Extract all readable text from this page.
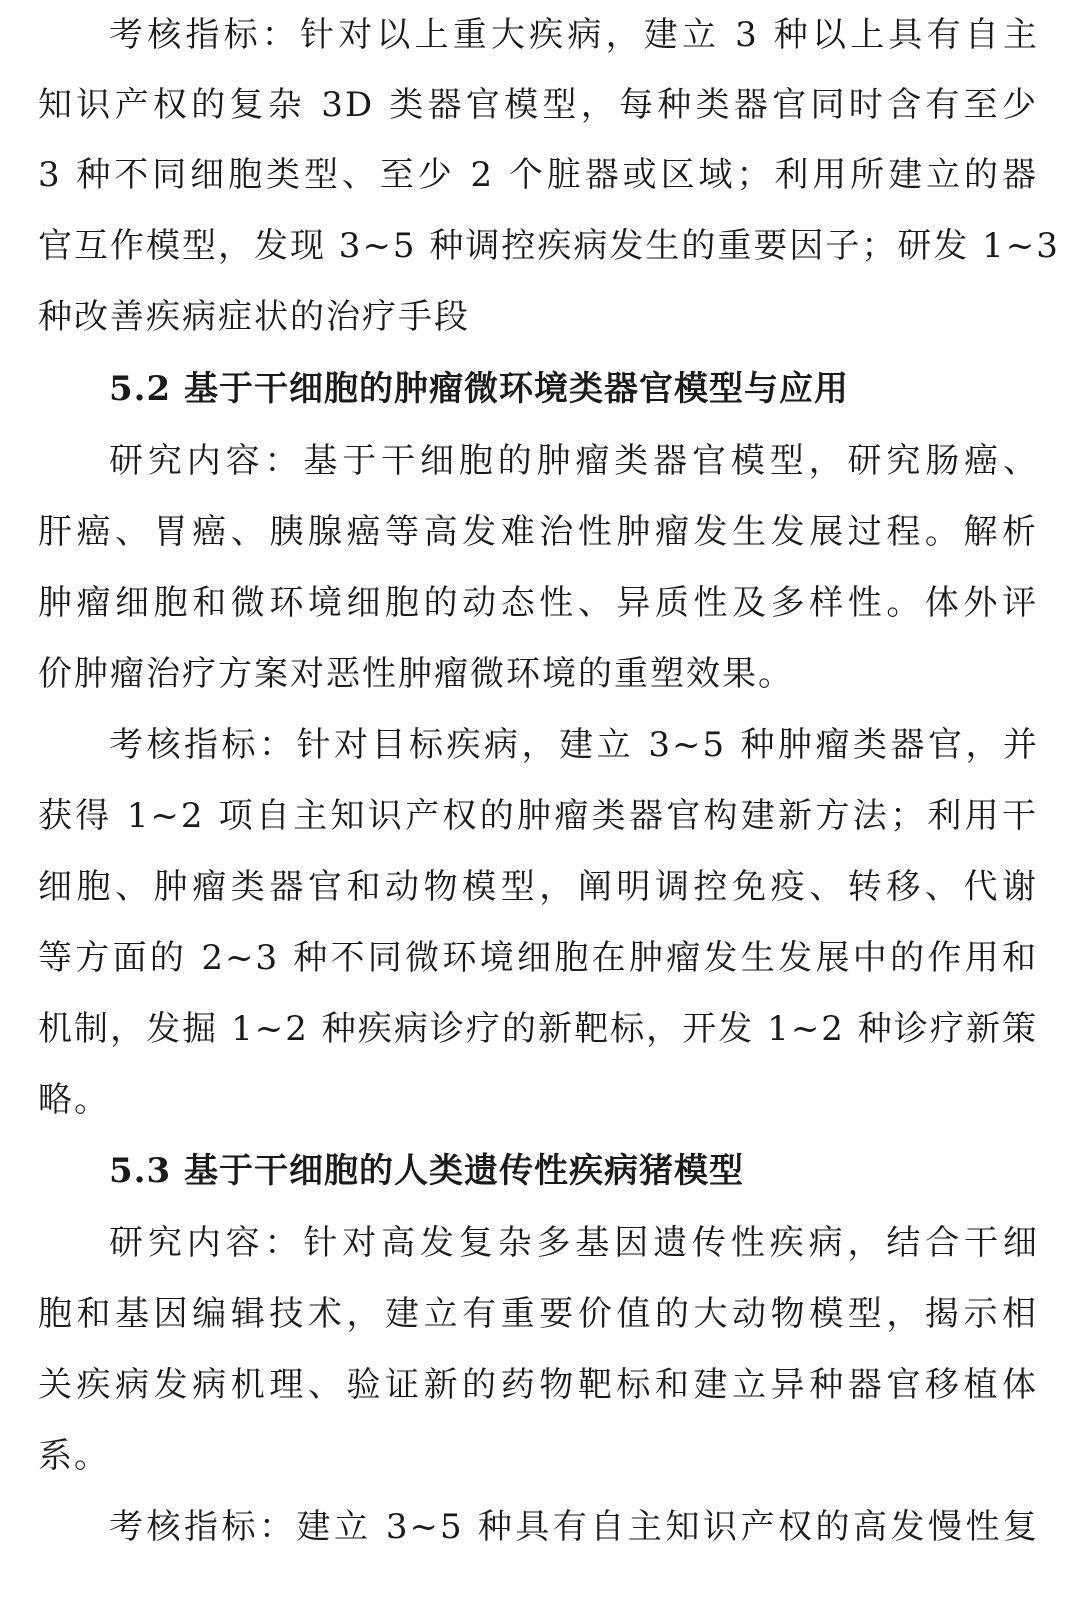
考核指标：针对以上重大疾病，建立 3 种以上具有自主
知识产权的复杂 3D 类器官模型，每种类器官同时含有至少
3 种不同细胞类型、至少 2 个脏器或区域；利用所建立的器
官互作模型，发现 3~5 种调控疾病发生的重要因子；研发 1~3
种改善疾病症状的治疗手段
5.2 基于干细胞的肿瘤微环境类器官模型与应用
研究内容：基于干细胞的肿瘤类器官模型，研究肠癌、
肝癌、胃癌、胰腺癌等高发难治性肿瘤发生发展过程。解析
肿瘤细胞和微环境细胞的动态性、异质性及多样性。体外评
价肿瘤治疗方案对恶性肿瘤微环境的重塑效果。
考核指标：针对目标疾病，建立 3~5 种肿瘤类器官，并
获得 1~2 项自主知识产权的肿瘤类器官构建新方法；利用干
细胞、肿瘤类器官和动物模型，阐明调控免疫、转移、代谢
等方面的 2~3 种不同微环境细胞在肿瘤发生发展中的作用和
机制，发掘 1~2 种疾病诊疗的新靶标，开发 1~2 种诊疗新策
略。
5.3 基于干细胞的人类遗传性疾病猪模型
研究内容：针对高发复杂多基因遗传性疾病，结合干细
胞和基因编辑技术，建立有重要价值的大动物模型，揭示相
关疾病发病机理、验证新的药物靶标和建立异种器官移植体
系。
考核指标：建立 3~5 种具有自主知识产权的高发慢性复
